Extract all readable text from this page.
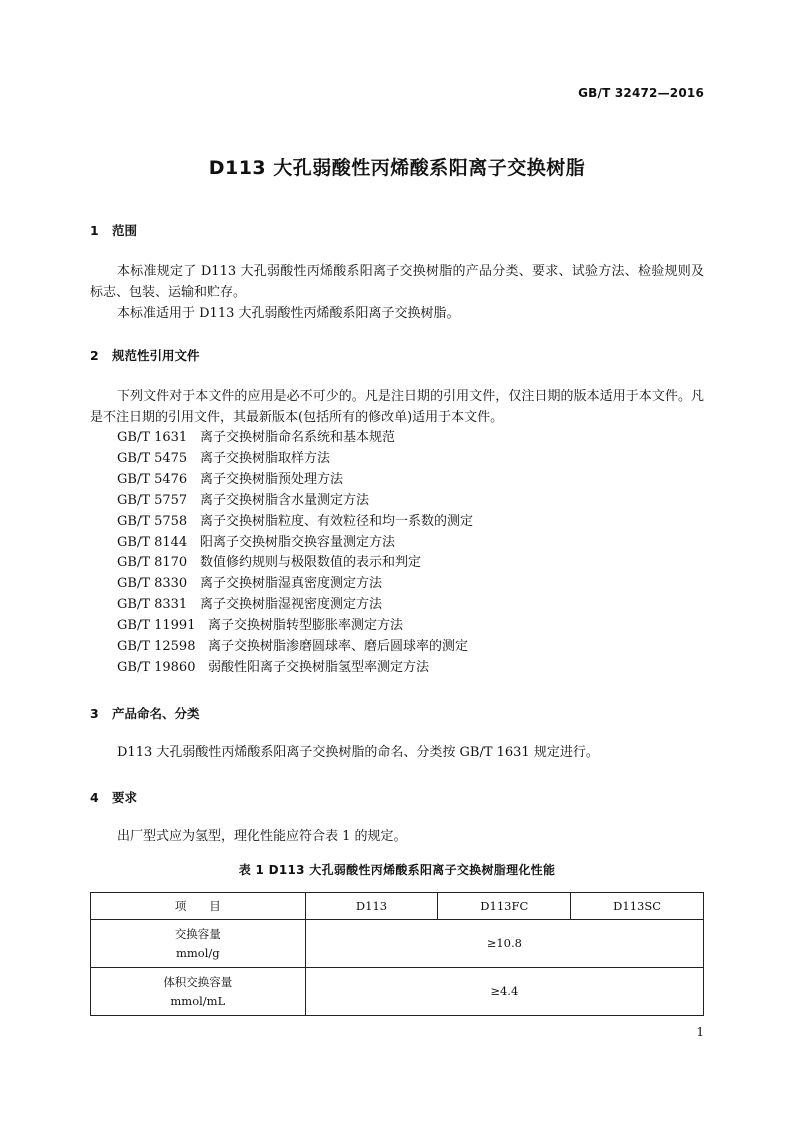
GB/T 32472—2016
D113 大孔弱酸性丙烯酸系阳离子交换树脂
1 范围
本标准规定了 D113 大孔弱酸性丙烯酸系阳离子交换树脂的产品分类、要求、试验方法、检验规则及标志、包装、运输和贮存。
本标准适用于 D113 大孔弱酸性丙烯酸系阳离子交换树脂。
2 规范性引用文件
下列文件对于本文件的应用是必不可少的。凡是注日期的引用文件，仅注日期的版本适用于本文件。凡是不注日期的引用文件，其最新版本(包括所有的修改单)适用于本文件。
GB/T 1631 离子交换树脂命名系统和基本规范
GB/T 5475 离子交换树脂取样方法
GB/T 5476 离子交换树脂预处理方法
GB/T 5757 离子交换树脂含水量测定方法
GB/T 5758 离子交换树脂粒度、有效粒径和均一系数的测定
GB/T 8144 阳离子交换树脂交换容量测定方法
GB/T 8170 数值修约规则与极限数值的表示和判定
GB/T 8330 离子交换树脂湿真密度测定方法
GB/T 8331 离子交换树脂湿视密度测定方法
GB/T 11991 离子交换树脂转型膨胀率测定方法
GB/T 12598 离子交换树脂渗磨圆球率、磨后圆球率的测定
GB/T 19860 弱酸性阳离子交换树脂氢型率测定方法
3 产品命名、分类
D113 大孔弱酸性丙烯酸系阳离子交换树脂的命名、分类按 GB/T 1631 规定进行。
4 要求
出厂型式应为氢型，理化性能应符合表 1 的规定。
表 1 D113 大孔弱酸性丙烯酸系阳离子交换树脂理化性能
项　　目	D113	D113FC	D113SC

交换容量
mmol/g	≥10.8		

体积交换容量
mmol/mL	≥4.4		
1
